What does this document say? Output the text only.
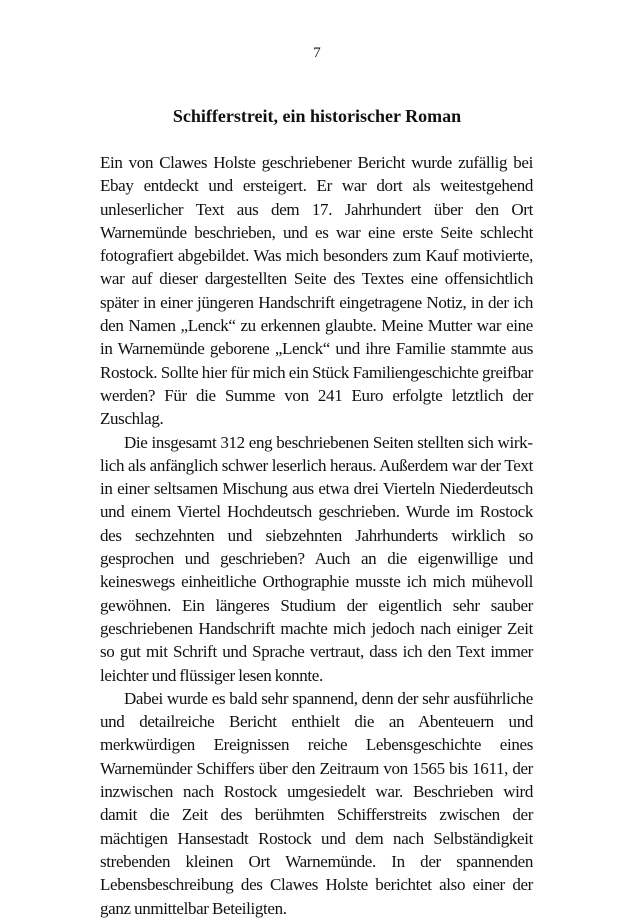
7
Schifferstreit, ein historischer Roman

Ein von Clawes Holste geschriebener Bericht wurde zufällig bei Ebay entdeckt und ersteigert. Er war dort als weitestgehend unleserlicher Text aus dem 17. Jahrhundert über den Ort Warnemünde beschrieben, und es war eine erste Seite schlecht fotografiert abgebildet. Was mich besonders zum Kauf motivierte, war auf dieser dargestellten Seite des Textes eine offensichtlich später in einer jüngeren Handschrift eingetragene Notiz, in der ich den Namen „Lenck“ zu erkennen glaubte. Meine Mutter war eine in Warnemünde geborene „Lenck“ und ihre Familie stammte aus Rostock. Sollte hier für mich ein Stück Familiengeschichte greifbar werden? Für die Summe von 241 Euro erfolgte letztlich der Zuschlag.

Die insgesamt 312 eng beschriebenen Seiten stellten sich wirklich als anfänglich schwer leserlich heraus. Außerdem war der Text in einer seltsamen Mischung aus etwa drei Vierteln Niederdeutsch und einem Viertel Hochdeutsch geschrieben. Wurde im Rostock des sechzehnten und siebzehnten Jahrhunderts wirklich so gesprochen und geschrieben? Auch an die eigenwillige und keineswegs einheitliche Orthographie musste ich mich mühevoll gewöhnen. Ein längeres Studium der eigentlich sehr sauber geschriebenen Handschrift machte mich jedoch nach einiger Zeit so gut mit Schrift und Sprache vertraut, dass ich den Text immer leichter und flüssiger lesen konnte.

Dabei wurde es bald sehr spannend, denn der sehr ausführliche und detailreiche Bericht enthielt die an Abenteuern und merkwürdigen Ereignissen reiche Lebensgeschichte eines Warnemünder Schiffers über den Zeitraum von 1565 bis 1611, der inzwischen nach Rostock umgesiedelt war. Beschrieben wird damit die Zeit des berühmten Schifferstreits zwischen der mächtigen Hansestadt Rostock und dem nach Selbständigkeit strebenden kleinen Ort Warnemünde. In der spannenden Lebensbeschreibung des Clawes Holste berichtet also einer der ganz unmittelbar Beteiligten.
